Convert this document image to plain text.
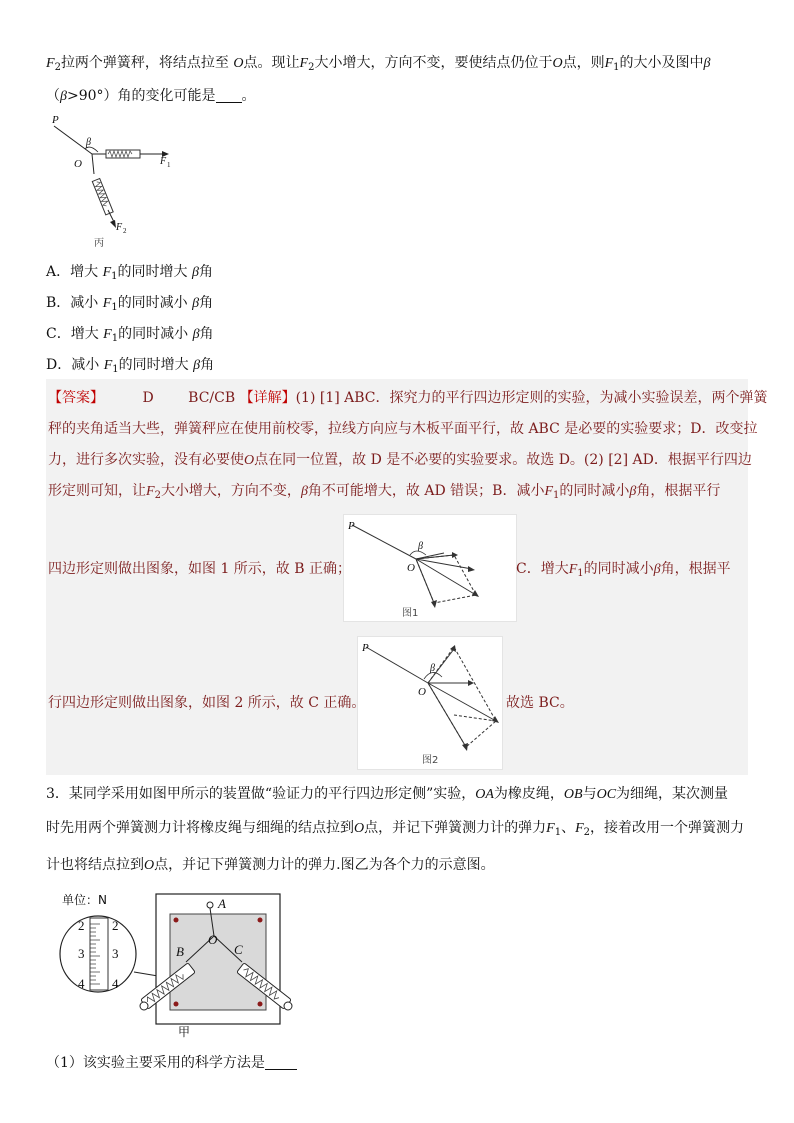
$F_2$拉两个弹簧秤，将结点拉至 O点。现让$F_2$大小增大，方向不变，要使结点仍位于O点，则$F_1$的大小及图中β
（β>90°）角的变化可能是 。
P
β
O	F 1
F 2
丙
A．增大 $F_1$的同时增大 β角
B．减小 $F_1$的同时减小 β角
C．增大 $F_1$的同时减小 β角
D．减小 $F_1$的同时增大 β角
【答案】	D BC/CB 【详解】(1) [1] ABC．探究力的平行四边形定则的实验，为减小实验误差，两个弹簧
秤的夹角适当大些，弹簧秤应在使用前校零，拉线方向应与木板平面平行，故 ABC 是必要的实验要求；D．改变拉
力，进行多次实验，没有必要使O点在同一位置，故 D 是不必要的实验要求。故选 D。(2) [2] AD．根据平行四边
形定则可知，让$F_2$大小增大，方向不变，β角不可能增大，故 AD 错误；B．减小$F_1$的同时减小β角，根据平行
P
β
O
图1
四边形定则做出图象，如图 1 所示，故 B 正确；	C．增大$F_1$的同时减小β角，根据平
P
β
O
图2
行四边形定则做出图象，如图 2 所示，故 C 正确。	故选 BC。
3．某同学采用如图甲所示的装置做“验证力的平行四边形定侧”实验，OA为橡皮绳，OB与OC为细绳，某次测量
时先用两个弹簧测力计将橡皮绳与细绳的结点拉到O点，并记下弹簧测力计的弹力$F_1$、$F_2$，接着改用一个弹簧测力
计也将结点拉到O点，并记下弹簧测力计的弹力.图乙为各个力的示意图。
单位：N
2 2
3 3
4 4
A
B	C
O
甲
（1）该实验主要采用的科学方法是
